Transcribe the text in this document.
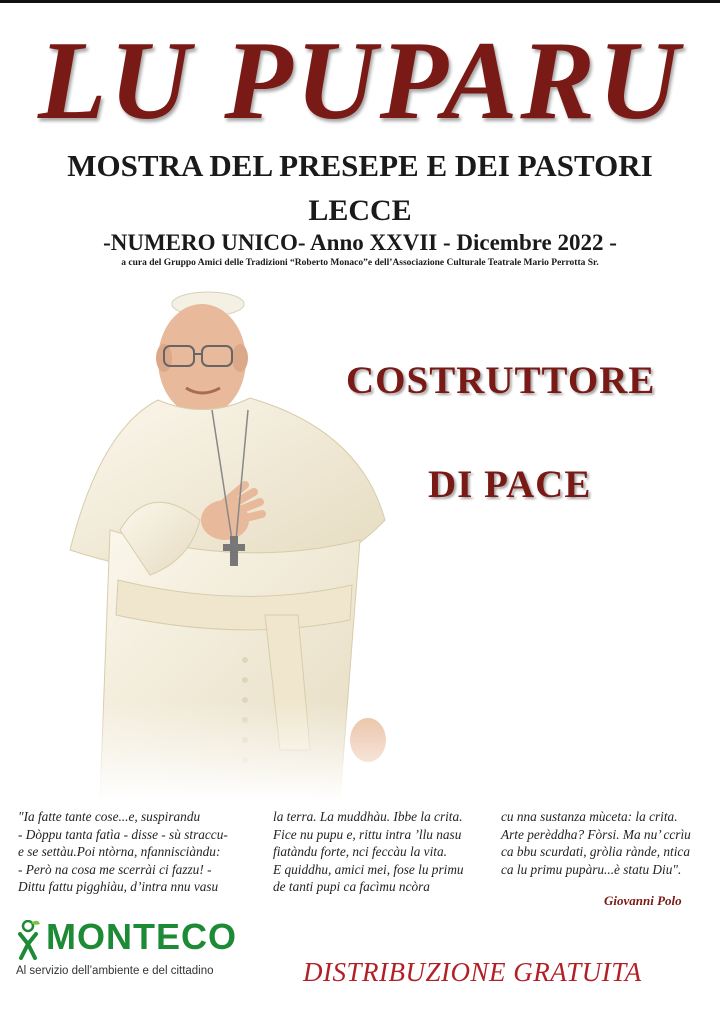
LU PUPARU
MOSTRA DEL PRESEPE E DEI PASTORI
LECCE
-NUMERO UNICO- Anno XXVII - Dicembre 2022 -
a cura del Gruppo Amici delle Tradizioni “Roberto Monaco”e dell’Associazione Culturale Teatrale Mario Perrotta Sr.
COSTRUTTORE
DI PACE
"Ia fatte tante cose...e, suspirandu
- Dòppu tanta fatìa - disse - sù straccu-
e se settàu.Poi ntòrna, nfannisciàndu:
- Però na cosa me scerrài ci fazzu! -
Dittu fattu pigghiàu, d’intra nnu vasu
la terra. La muddhàu. Ibbe la crita.
Fice nu pupu e, rittu intra ’llu nasu
fiatàndu forte, nci feccàu la vita.
E quiddhu, amici mei, fose lu primu
de tanti pupi ca facìmu ncòra
cu nna sustanza mùceta: la crita.
Arte perèddha? Fòrsi. Ma nu’ ccrìu
ca bbu scurdati, gròlia rànde, ntica
ca lu primu pupàru...è statu Diu".
Giovanni Polo
MONTECO
Al servizio dell’ambiente e del cittadino	DISTRIBUZIONE GRATUITA
